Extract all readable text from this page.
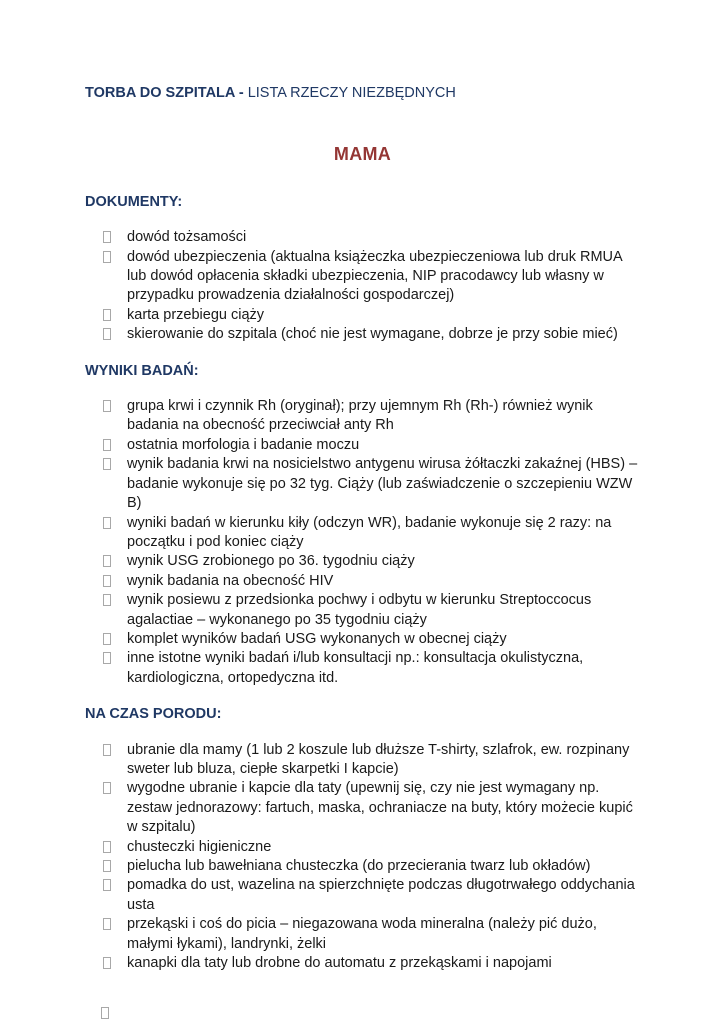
TORBA DO SZPITALA - LISTA RZECZY NIEZBĘDNYCH

MAMA
DOKUMENTY:
dowód tożsamości
dowód ubezpieczenia (aktualna książeczka ubezpieczeniowa lub druk RMUA lub dowód opłacenia składki ubezpieczenia, NIP pracodawcy lub własny w przypadku prowadzenia działalności gospodarczej)
karta przebiegu ciąży
skierowanie do szpitala (choć nie jest wymagane, dobrze je przy sobie mieć)
WYNIKI BADAŃ:
grupa krwi i czynnik Rh (oryginał); przy ujemnym Rh (Rh-) również wynik badania na obecność przeciwciał anty Rh
ostatnia morfologia i badanie moczu
wynik badania krwi na nosicielstwo antygenu wirusa żółtaczki zakaźnej (HBS) – badanie wykonuje się po 32 tyg. Ciąży (lub zaświadczenie o szczepieniu WZW B)
wyniki badań w kierunku kiły (odczyn WR), badanie wykonuje się 2 razy: na początku i pod koniec ciąży
wynik USG zrobionego po 36. tygodniu ciąży
wynik badania na obecność HIV
wynik posiewu z przedsionka pochwy i odbytu w kierunku Streptoccocus agalactiae – wykonanego po 35 tygodniu ciąży
komplet wyników badań USG wykonanych w obecnej ciąży
inne istotne wyniki badań i/lub konsultacji np.: konsultacja okulistyczna, kardiologiczna, ortopedyczna itd.
NA CZAS PORODU:
ubranie dla mamy (1 lub 2 koszule lub dłuższe T-shirty, szlafrok, ew. rozpinany sweter lub bluza, ciepłe skarpetki I kapcie)
wygodne ubranie i kapcie dla taty (upewnij się, czy nie jest wymagany np. zestaw jednorazowy: fartuch, maska, ochraniacze na buty, który możecie kupić w szpitalu)
chusteczki higieniczne
pielucha lub bawełniana chusteczka (do przecierania twarz lub okładów)
pomadka do ust, wazelina na spierzchnięte podczas długotrwałego oddychania usta
przekąski i coś do picia – niegazowana woda mineralna (należy pić dużo, małymi łykami), landrynki, żelki
kanapki dla taty lub drobne do automatu z przekąskami i napojami
